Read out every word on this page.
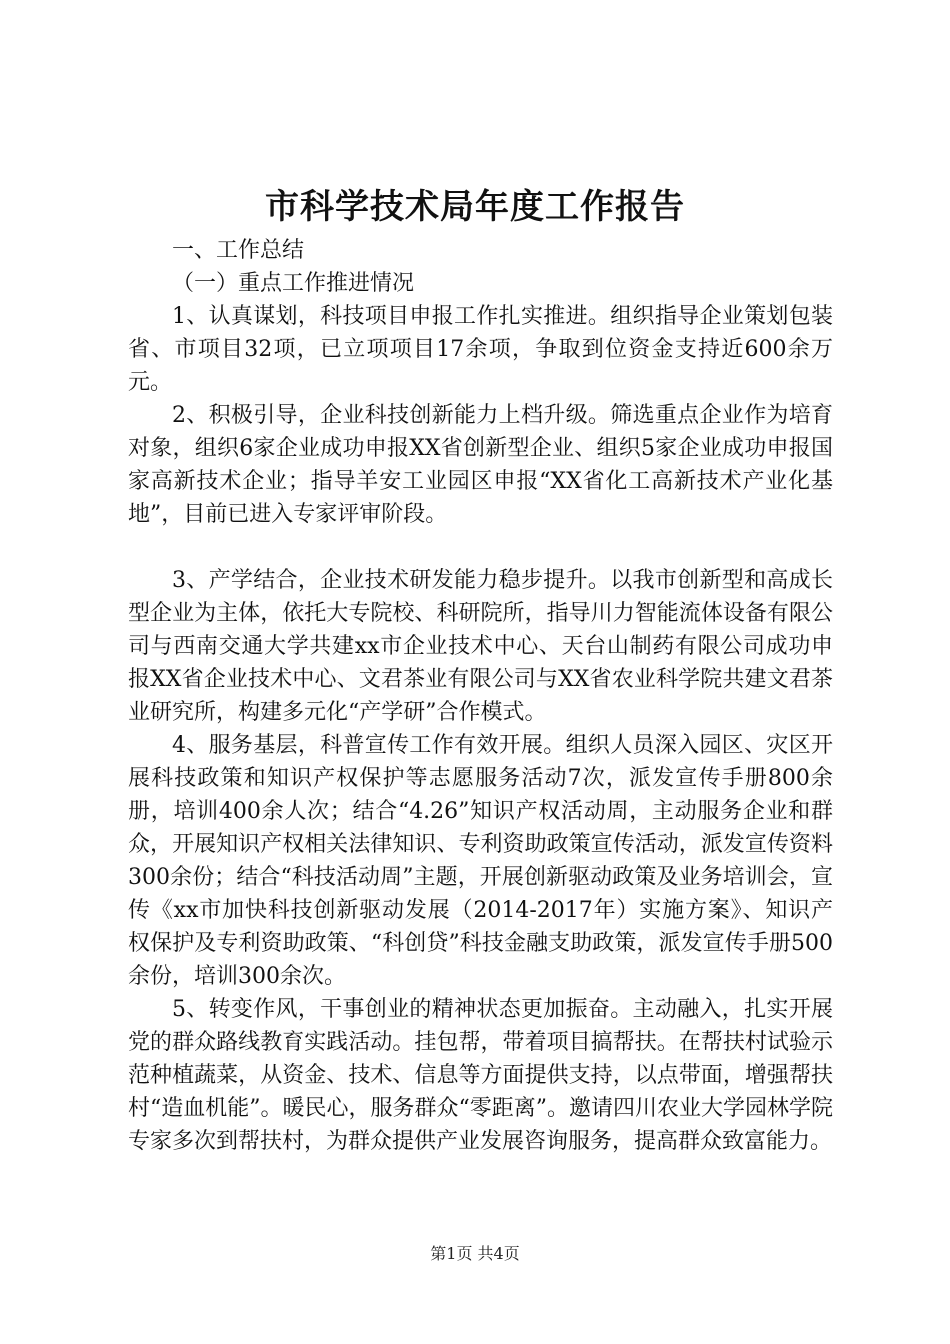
市科学技术局年度工作报告

一、工作总结

（一）重点工作推进情况

1、认真谋划，科技项目申报工作扎实推进。组织指导企业策划包装省、市项目32项，已立项项目17余项，争取到位资金支持近600余万元。

2、积极引导，企业科技创新能力上档升级。筛选重点企业作为培育对象，组织6家企业成功申报XX省创新型企业、组织5家企业成功申报国家高新技术企业；指导羊安工业园区申报“XX省化工高新技术产业化基地”，目前已进入专家评审阶段。

3、产学结合，企业技术研发能力稳步提升。以我市创新型和高成长型企业为主体，依托大专院校、科研院所，指导川力智能流体设备有限公司与西南交通大学共建xx市企业技术中心、天台山制药有限公司成功申报XX省企业技术中心、文君茶业有限公司与XX省农业科学院共建文君茶业研究所，构建多元化“产学研”合作模式。

4、服务基层，科普宣传工作有效开展。组织人员深入园区、灾区开展科技政策和知识产权保护等志愿服务活动7次，派发宣传手册800余册，培训400余人次；结合“4.26”知识产权活动周，主动服务企业和群众，开展知识产权相关法律知识、专利资助政策宣传活动，派发宣传资料300余份；结合“科技活动周”主题，开展创新驱动政策及业务培训会，宣传《xx市加快科技创新驱动发展（2014-2017年）实施方案》、知识产权保护及专利资助政策、“科创贷”科技金融支助政策，派发宣传手册500余份，培训300余次。

5、转变作风，干事创业的精神状态更加振奋。主动融入，扎实开展党的群众路线教育实践活动。挂包帮，带着项目搞帮扶。在帮扶村试验示范种植蔬菜，从资金、技术、信息等方面提供支持，以点带面，增强帮扶村“造血机能”。暖民心，服务群众“零距离”。邀请四川农业大学园林学院专家多次到帮扶村，为群众提供产业发展咨询服务，提高群众致富能力。

第1页 共4页
